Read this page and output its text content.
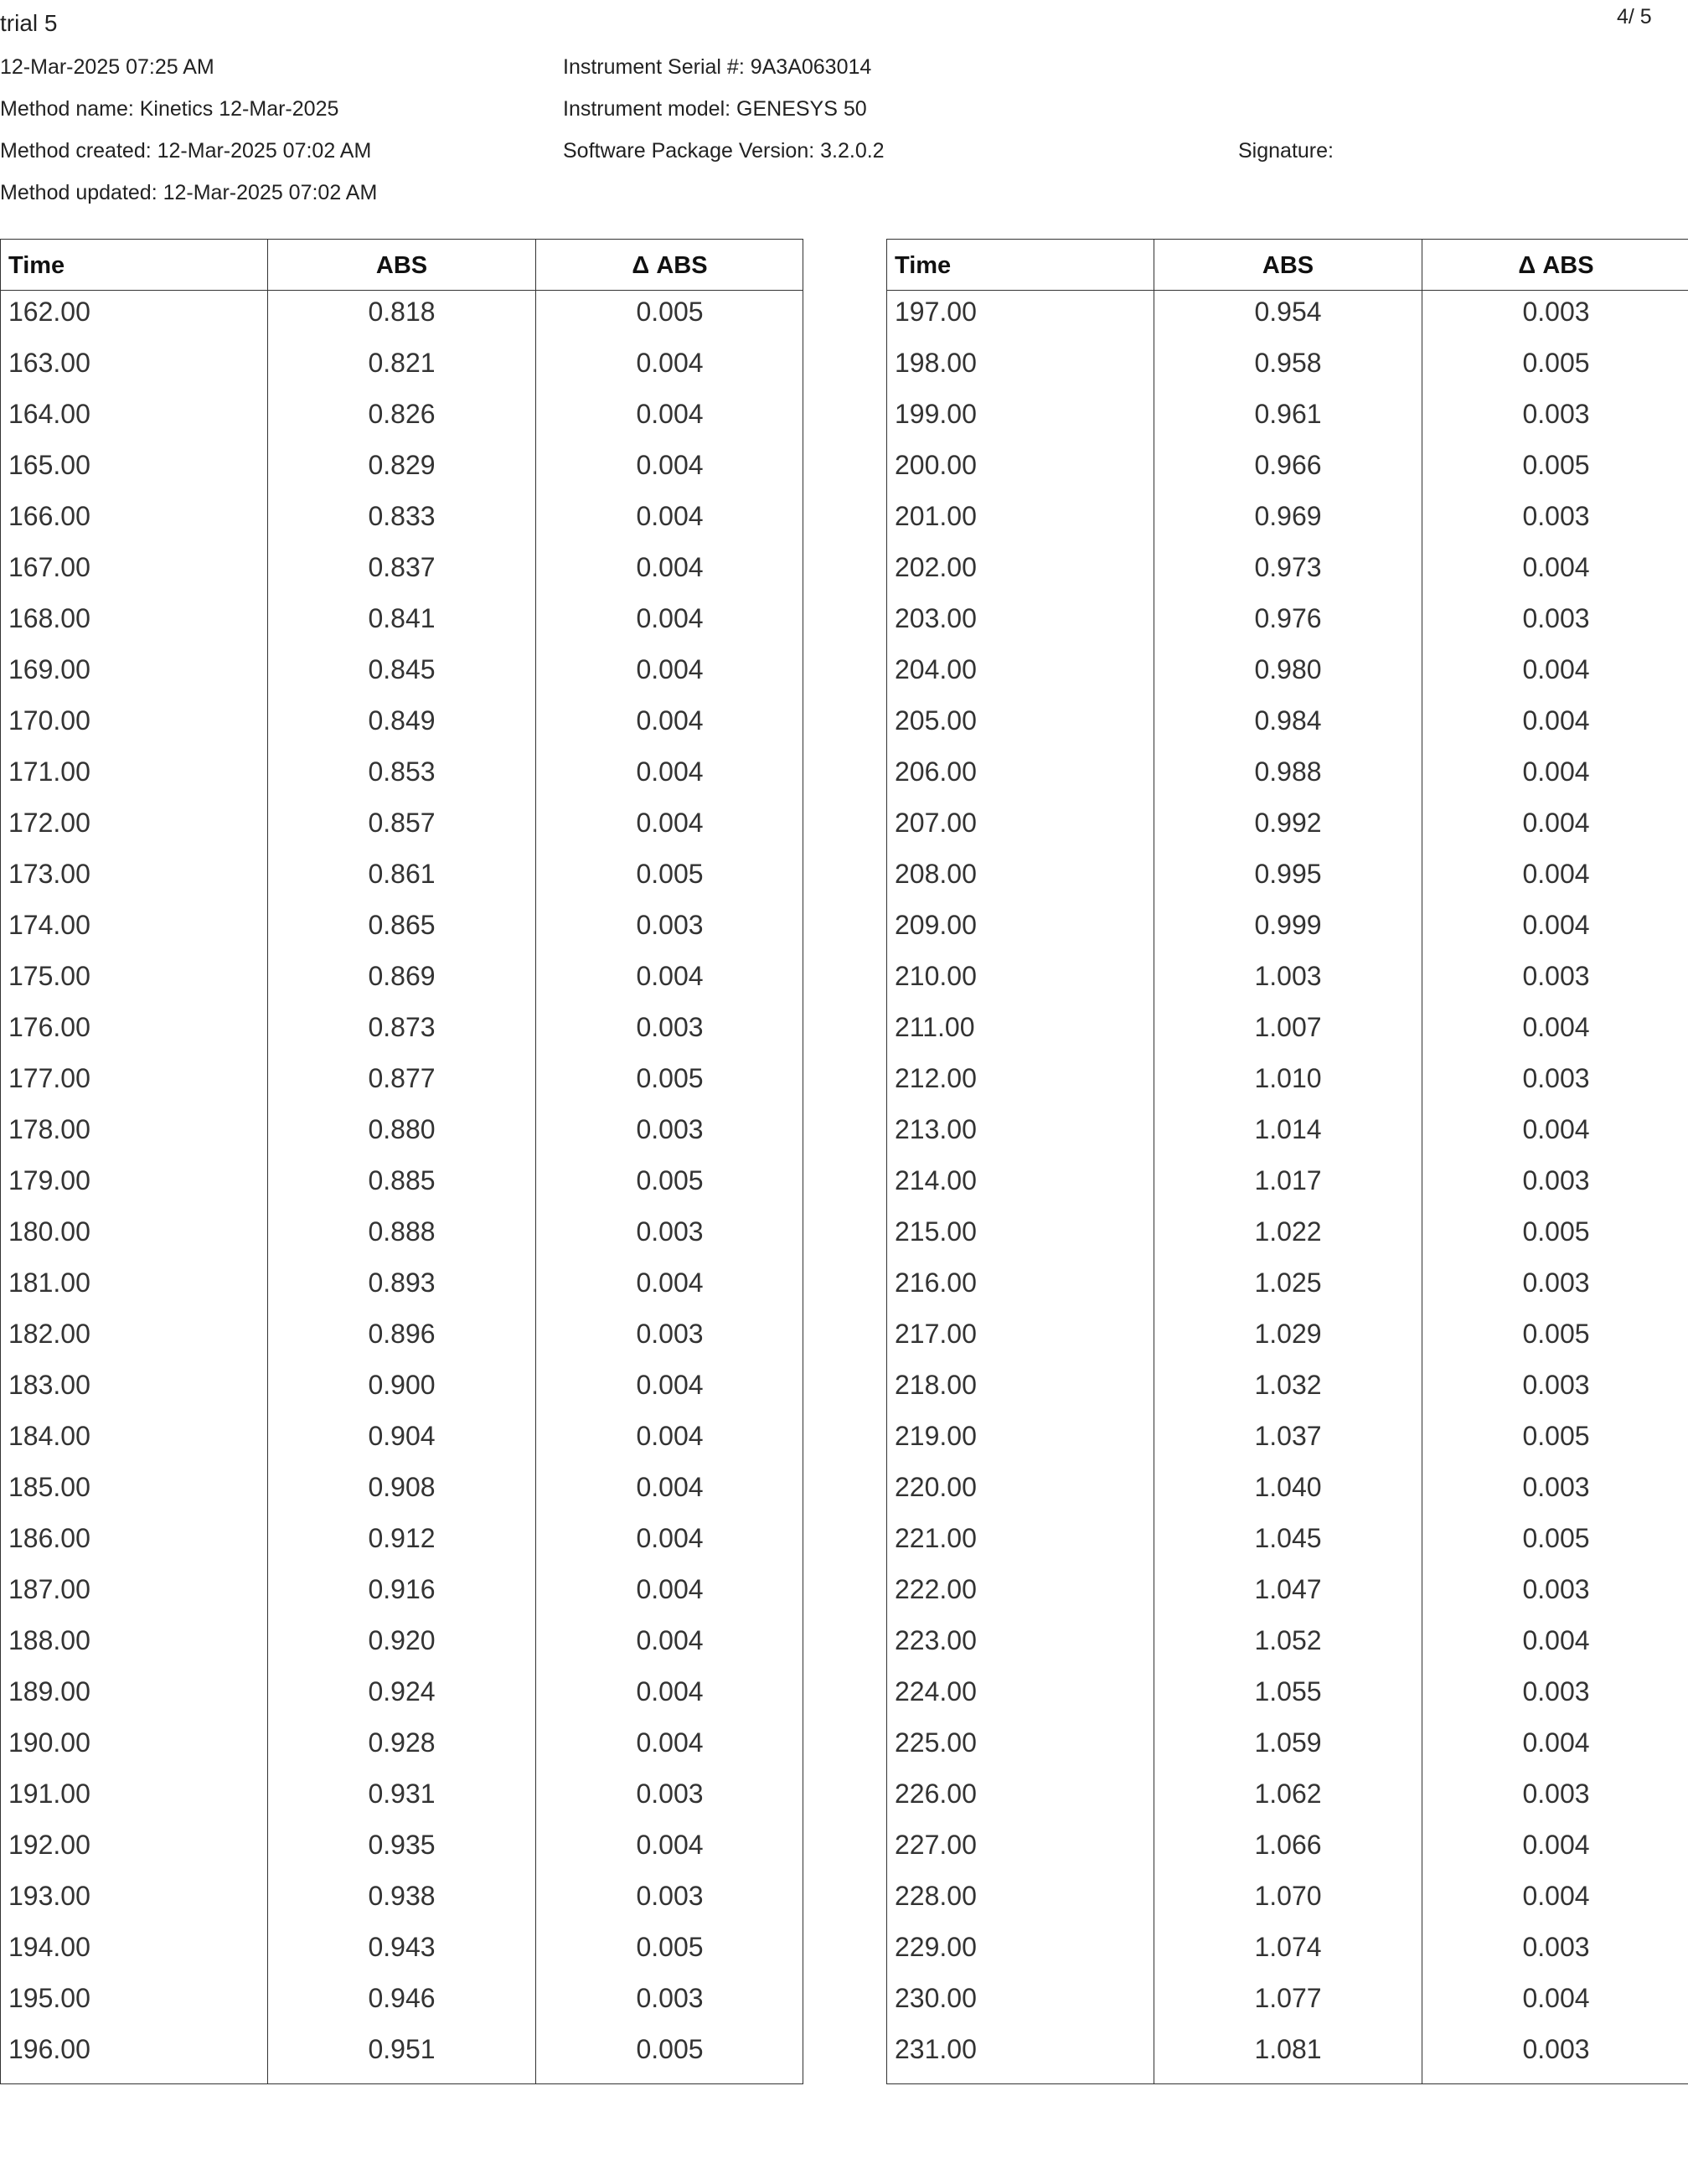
trial 5	4/ 5
12-Mar-2025 07:25 AM
Method name: Kinetics 12-Mar-2025
Method created: 12-Mar-2025 07:02 AM
Method updated: 12-Mar-2025 07:02 AM
Instrument Serial #: 9A3A063014
Instrument model: GENESYS 50
Software Package Version: 3.2.0.2	Signature:
Time	ABS	Δ ABS
162.00	0.818	0.005
163.00	0.821	0.004
164.00	0.826	0.004
165.00	0.829	0.004
166.00	0.833	0.004
167.00	0.837	0.004
168.00	0.841	0.004
169.00	0.845	0.004
170.00	0.849	0.004
171.00	0.853	0.004
172.00	0.857	0.004
173.00	0.861	0.005
174.00	0.865	0.003
175.00	0.869	0.004
176.00	0.873	0.003
177.00	0.877	0.005
178.00	0.880	0.003
179.00	0.885	0.005
180.00	0.888	0.003
181.00	0.893	0.004
182.00	0.896	0.003
183.00	0.900	0.004
184.00	0.904	0.004
185.00	0.908	0.004
186.00	0.912	0.004
187.00	0.916	0.004
188.00	0.920	0.004
189.00	0.924	0.004
190.00	0.928	0.004
191.00	0.931	0.003
192.00	0.935	0.004
193.00	0.938	0.003
194.00	0.943	0.005
195.00	0.946	0.003
196.00	0.951	0.005
Time	ABS	Δ ABS
197.00	0.954	0.003
198.00	0.958	0.005
199.00	0.961	0.003
200.00	0.966	0.005
201.00	0.969	0.003
202.00	0.973	0.004
203.00	0.976	0.003
204.00	0.980	0.004
205.00	0.984	0.004
206.00	0.988	0.004
207.00	0.992	0.004
208.00	0.995	0.004
209.00	0.999	0.004
210.00	1.003	0.003
211.00	1.007	0.004
212.00	1.010	0.003
213.00	1.014	0.004
214.00	1.017	0.003
215.00	1.022	0.005
216.00	1.025	0.003
217.00	1.029	0.005
218.00	1.032	0.003
219.00	1.037	0.005
220.00	1.040	0.003
221.00	1.045	0.005
222.00	1.047	0.003
223.00	1.052	0.004
224.00	1.055	0.003
225.00	1.059	0.004
226.00	1.062	0.003
227.00	1.066	0.004
228.00	1.070	0.004
229.00	1.074	0.003
230.00	1.077	0.004
231.00	1.081	0.003
